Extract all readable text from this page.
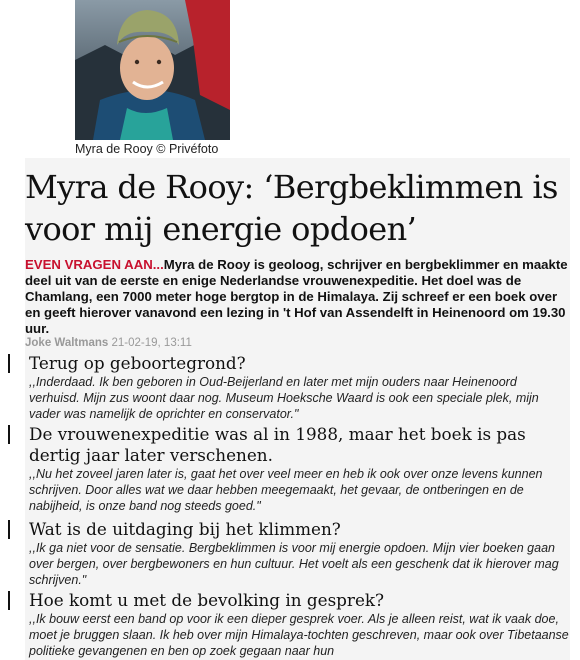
Myra de Rooy © Privéfoto
Myra de Rooy: ‘Bergbeklimmen is
voor mij energie opdoen’
EVEN VRAGEN AAN...Myra de Rooy is geoloog, schrijver en bergbeklimmer en maakte deel uit van de eerste en enige Nederlandse vrouwenexpeditie. Het doel was de Chamlang, een 7000 meter hoge bergtop in de Himalaya. Zij schreef er een boek over en geeft hierover vanavond een lezing in 't Hof van Assendelft in Heinenoord om 19.30 uur.
Joke Waltmans 21-02-19, 13:11
Terug op geboortegrond?
,,Inderdaad. Ik ben geboren in Oud-Beijerland en later met mijn ouders naar Heinenoord verhuisd. Mijn zus woont daar nog. Museum Hoeksche Waard is ook een speciale plek, mijn vader was namelijk de oprichter en conservator."
De vrouwenexpeditie was al in 1988, maar het boek is pas dertig jaar later verschenen.
,,Nu het zoveel jaren later is, gaat het over veel meer en heb ik ook over onze levens kunnen schrijven. Door alles wat we daar hebben meegemaakt, het gevaar, de ontberingen en de nabijheid, is onze band nog steeds goed."
Wat is de uitdaging bij het klimmen?
,,Ik ga niet voor de sensatie. Bergbeklimmen is voor mij energie opdoen. Mijn vier boeken gaan over bergen, over bergbewoners en hun cultuur. Het voelt als een geschenk dat ik hierover mag schrijven."
Hoe komt u met de bevolking in gesprek?
,,Ik bouw eerst een band op voor ik een dieper gesprek voer. Als je alleen reist, wat ik vaak doe, moet je bruggen slaan. Ik heb over mijn Himalaya-tochten geschreven, maar ook over Tibetaanse politieke gevangenen en ben op zoek gegaan naar hun
